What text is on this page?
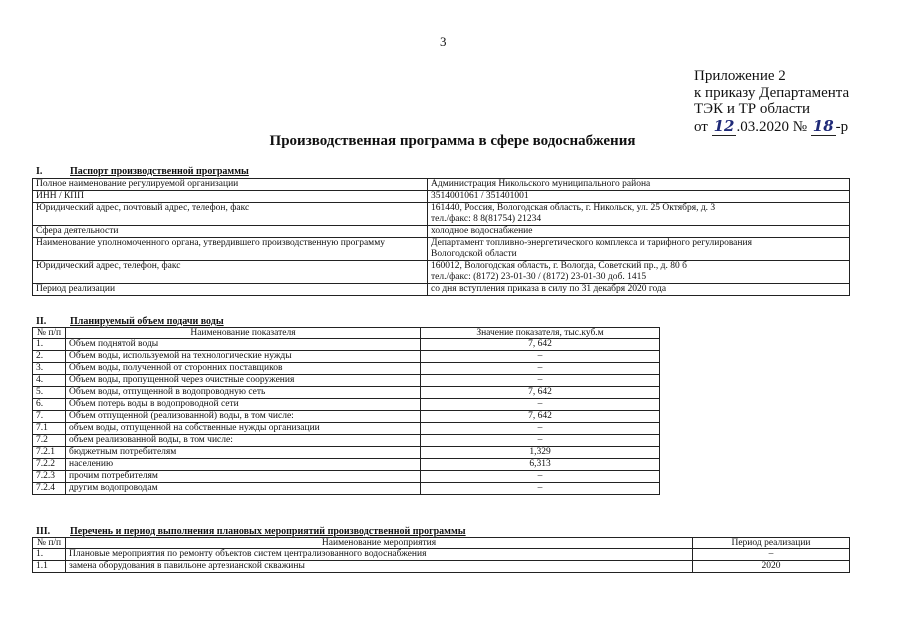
3
Приложение 2
к приказу Департамента
ТЭК и ТР области
от 12 .03.2020 № 18 -р
Производственная программа в сфере водоснабжения
I.	Паспорт производственной программы
Полное наименование регулируемой организации	Администрация Никольского муниципального района
ИНН / КПП	3514001061 / 351401001
Юридический адрес, почтовый адрес, телефон, факс	161440, Россия, Вологодская область, г. Никольск, ул. 25 Октября, д. 3
тел./факс: 8 8(81754) 21234

Сфера деятельности	холодное водоснабжение
Наименование уполномоченного органа, утвердившего производственную программу	Департамент топливно-энергетического комплекса и тарифного регулирования
Вологодской области

Юридический адрес, телефон, факс	160012, Вологодская область, г. Вологда, Советский пр., д. 80 б
тел./факс: (8172) 23-01-30 / (8172) 23-01-30 доб. 1415

Период реализации	со дня вступления приказа в силу по 31 декабря 2020 года
II. Планируемый объем подачи воды
№ п/п	Наименование показателя	Значение показателя, тыс.куб.м
1.	Объем поднятой воды	7, 642
2.	Объем воды, используемой на технологические нужды	–
3.	Объем воды, полученной от сторонних поставщиков	–
4.	Объем воды, пропущенной через очистные сооружения	–
5.	Объем воды, отпущенной в водопроводную сеть	7, 642
6.	Объем потерь воды в водопроводной сети	–
7.	Объем отпущенной (реализованной) воды, в том числе:	7, 642
7.1	объем воды, отпущенной на собственные нужды организации	–
7.2	объем реализованной воды, в том числе:	–
7.2.1	бюджетным потребителям	1,329
7.2.2	населению	6,313
7.2.3	прочим потребителям	–
7.2.4	другим водопроводам	–
III. Перечень и период выполнения плановых мероприятий производственной программы
№ п/п	Наименование мероприятия	Период реализации
1.	Плановые мероприятия по ремонту объектов систем централизованного водоснабжения	–
1.1	замена оборудования в павильоне артезианской скважины	2020
